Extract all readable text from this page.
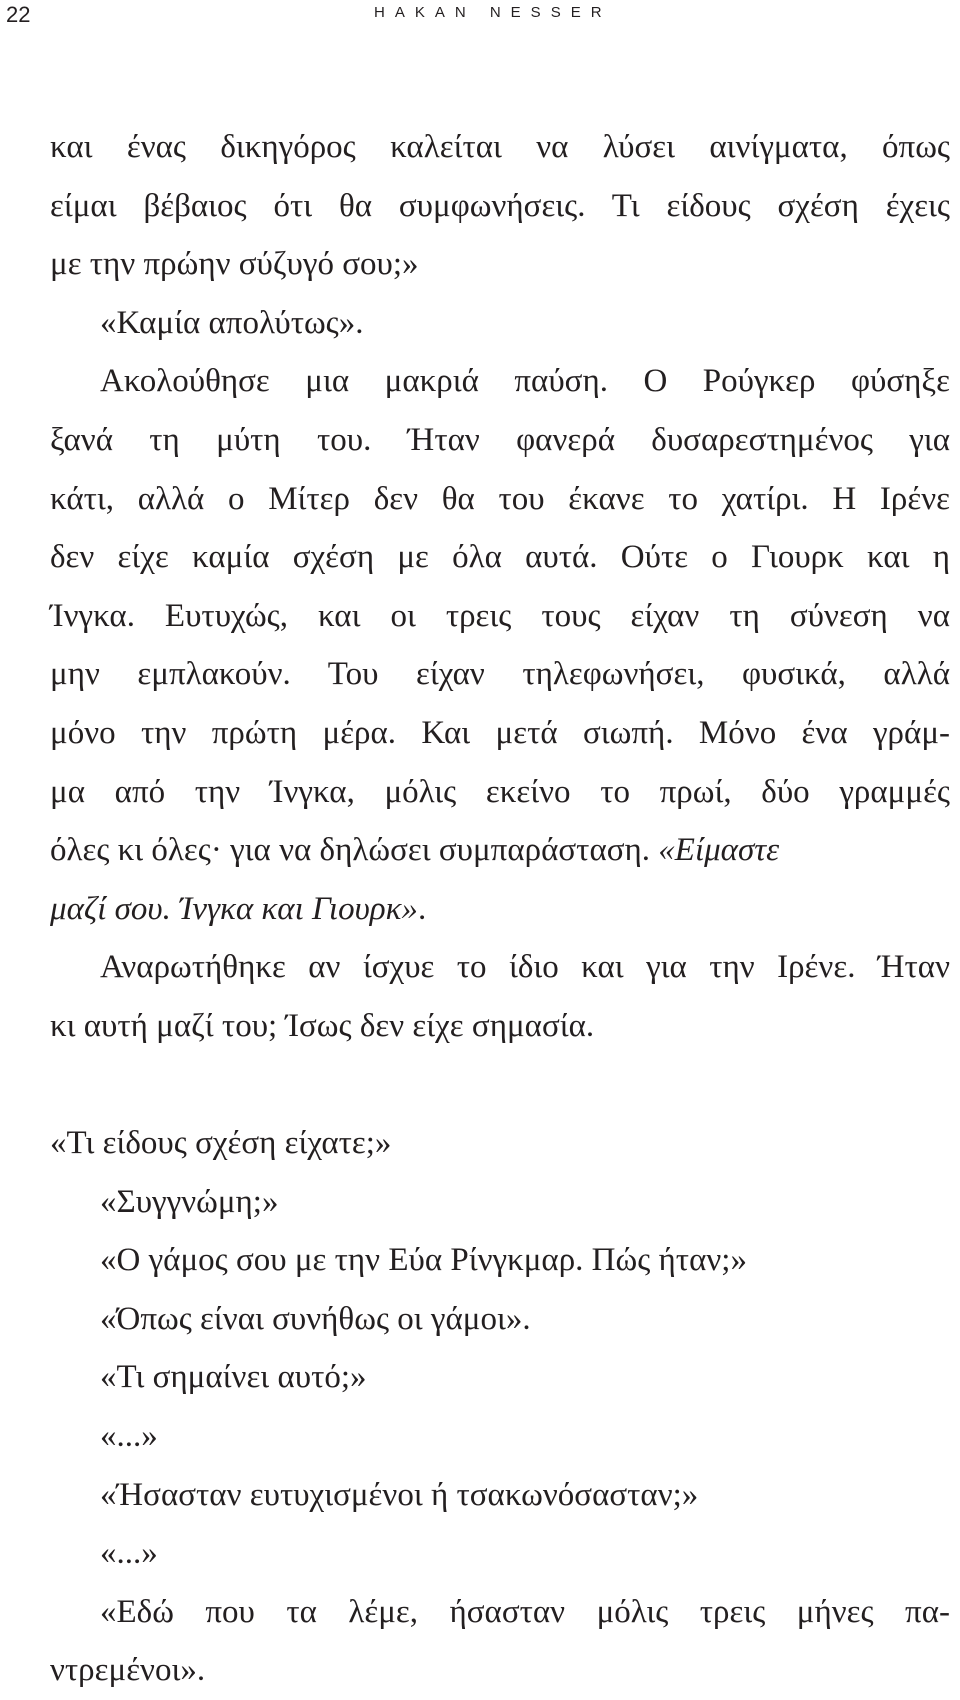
22	HAKAN NESSER
και ένας δικηγόρος καλείται να λύσει αινίγματα, όπως
είμαι βέβαιος ότι θα συμφωνήσεις. Τι είδους σχέση έχεις
με την πρώην σύζυγό σου;»
«Καμία απολύτως».
Ακολούθησε μια μακριά παύση. Ο Ρούγκερ φύσηξε
ξανά τη μύτη του. Ήταν φανερά δυσαρεστημένος για
κάτι, αλλά ο Μίτερ δεν θα του έκανε το χατίρι. Η Ιρένε
δεν είχε καμία σχέση με όλα αυτά. Ούτε ο Γιουρκ και η
Ίνγκα. Ευτυχώς, και οι τρεις τους είχαν τη σύνεση να
μην εμπλακούν. Του είχαν τηλεφωνήσει, φυσικά, αλλά
μόνο την πρώτη μέρα. Και μετά σιωπή. Μόνο ένα γράμ-
μα από την Ίνγκα, μόλις εκείνο το πρωί, δύο γραμμές
όλες κι όλες· για να δηλώσει συμπαράσταση. «Είμαστε
μαζί σου. Ίνγκα και Γιουρκ».
Αναρωτήθηκε αν ίσχυε το ίδιο και για την Ιρένε. Ήταν
κι αυτή μαζί του; Ίσως δεν είχε σημασία.
«Τι είδους σχέση είχατε;»
«Συγγνώμη;»
«Ο γάμος σου με την Εύα Ρίνγκμαρ. Πώς ήταν;»
«Όπως είναι συνήθως οι γάμοι».
«Τι σημαίνει αυτό;»
«...»
«Ήσασταν ευτυχισμένοι ή τσακωνόσασταν;»
«...»
«Εδώ που τα λέμε, ήσασταν μόλις τρεις μήνες πα-
ντρεμένοι».
